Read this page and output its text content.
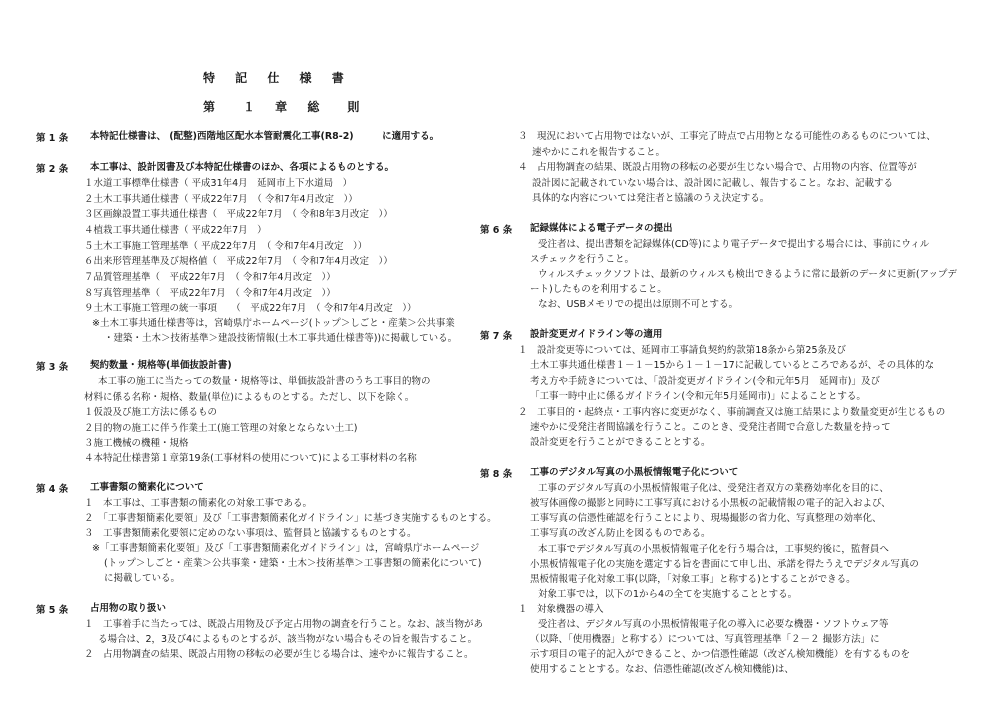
特 記 仕 様 書
第　１ 章 総　則
第 1 条 本特記仕様書は、 (配整)西階地区配水本管耐震化工事(R8-2)　　　に適用する。
第 2 条 本工事は、設計図書及び本特記仕様書のほか、各項によるものとする。
１水道工事標準仕様書（ 平成31年4月　延岡市上下水道局　）
２土木工事共通仕様書（ 平成22年7月　（ 令和7年4月改定　））
３区画線設置工事共通仕様書（　平成22年7月　（ 令和8年3月改定　））
４植栽工事共通仕様書（ 平成22年7月　）
５土木工事施工管理基準（ 平成22年7月　（ 令和7年4月改定　））
６出来形管理基準及び規格値（　平成22年7月　（ 令和7年4月改定　））
７品質管理基準（　平成22年7月　（ 令和7年4月改定　））
８写真管理基準（　平成22年7月　（ 令和7年4月改定　））
９土木工事施工管理の統一事項　　（　平成22年7月　（ 令和7年4月改定　））
※土木工事共通仕様書等は，宮崎県庁ホームページ(トップ＞しごと・産業＞公共事業
・建築・土木＞技術基準＞建設技術情報(土木工事共通仕様書等))に掲載している。
第 3 条 契約数量・規格等(単価抜設計書)
本工事の施工に当たっての数量・規格等は、単価抜設計書のうち工事目的物の
材料に係る名称・規格、数量(単位)によるものとする。ただし、以下を除く。
１仮設及び施工方法に係るもの
２目的物の施工に伴う作業土工(施工管理の対象とならない土工)
３施工機械の機種・規格
４本特記仕様書第１章第19条(工事材料の使用について)による工事材料の名称
第 4 条 工事書類の簡素化について
１　本工事は、工事書類の簡素化の対象工事である。
２　「工事書類簡素化要領」及び「工事書類簡素化ガイドライン」に基づき実施するものとする。
３　工事書類簡素化要領に定めのない事項は、監督員と協議するものとする。
※「工事書類簡素化要領」及び「工事書類簡素化ガイドライン」は，宮崎県庁ホームページ
(トップ＞しごと・産業＞公共事業・建築・土木＞技術基準＞工事書類の簡素化について)
に掲載している。
第 5 条 占用物の取り扱い
１　工事着手に当たっては、既設占用物及び予定占用物の調査を行うこと。なお、該当物があ
る場合は、2，3及び4によるものとするが、該当物がない場合もその旨を報告すること。
２　占用物調査の結果、既設占用物の移転の必要が生じる場合は、速やかに報告すること。
３　現況において占用物ではないが、工事完了時点で占用物となる可能性のあるものについては、
速やかにこれを報告すること。
４　占用物調査の結果、既設占用物の移転の必要が生じない場合で、占用物の内容、位置等が
設計図に記載されていない場合は、設計図に記載し、報告すること。なお、記載する
具体的な内容については発注者と協議のうえ決定する。
第 6 条 記録媒体による電子データの提出
受注者は、提出書類を記録媒体(CD等)により電子データで提出する場合には、事前にウィル
スチェックを行うこと。
ウィルスチェックソフトは、最新のウィルスも検出できるように常に最新のデータに更新(アップデ
ート)したものを利用すること。
なお、USBメモリでの提出は原則不可とする。
第 7 条 設計変更ガイドライン等の適用
１　設計変更等については、延岡市工事請負契約約款第18条から第25条及び
土木工事共通仕様書１－１－15から１－１－17に記載しているところであるが、その具体的な
考え方や手続きについては、「設計変更ガイドライン(令和元年5月　延岡市)」及び
「工事一時中止に係るガイドライン(令和元年5月延岡市)」によることとする。
２　工事目的・起終点・工事内容に変更がなく、事前調査又は施工結果により数量変更が生じるもの
速やかに受発注者間協議を行うこと。このとき、受発注者間で合意した数量を持って
設計変更を行うことができることとする。
第 8 条 工事のデジタル写真の小黒板情報電子化について
工事のデジタル写真の小黒板情報電子化は、受発注者双方の業務効率化を目的に、
被写体画像の撮影と同時に工事写真における小黒板の記載情報の電子的記入および、
工事写真の信憑性確認を行うことにより、現場撮影の省力化、写真整理の効率化、
工事写真の改ざん防止を図るものである。
本工事でデジタル写真の小黒板情報電子化を行う場合は，工事契約後に，監督員へ
小黒板情報電子化の実施を選定する旨を書面にて申し出、承諾を得たうえでデジタル写真の
黒板情報電子化対象工事(以降，「対象工事」と称する)とすることができる。
対象工事では，以下の1から4の全てを実施することとする。
１　対象機器の導入
受注者は、デジタル写真の小黒板情報電子化の導入に必要な機器・ソフトウェア等
（以降、「使用機器」と称する）については、写真管理基準「２－２ 撮影方法」に
示す項目の電子的記入ができること、かつ信憑性確認（改ざん検知機能）を有するものを
使用することとする。なお、信憑性確認(改ざん検知機能)は、
